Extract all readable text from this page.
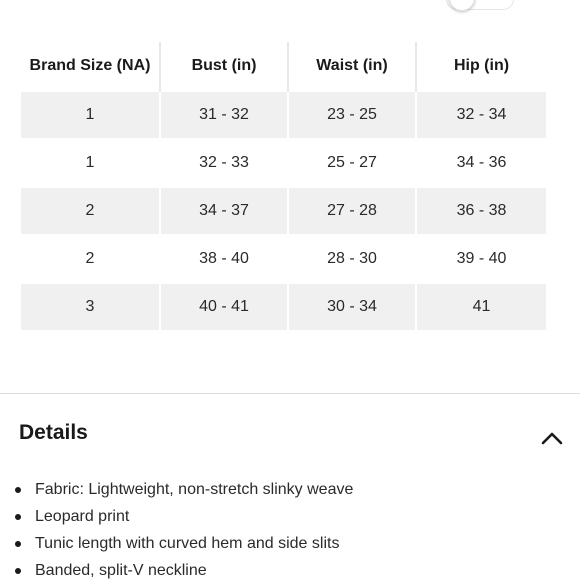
Brand Size (NA)	Bust (in)	Waist (in)	Hip (in)
1	31 - 32	23 - 25	32 - 34
1	32 - 33	25 - 27	34 - 36
2	34 - 37	27 - 28	36 - 38
2	38 - 40	28 - 30	39 - 40
3	40 - 41	30 - 34	41
Details
Fabric: Lightweight, non-stretch slinky weave
Leopard print
Tunic length with curved hem and side slits
Banded, split-V neckline
